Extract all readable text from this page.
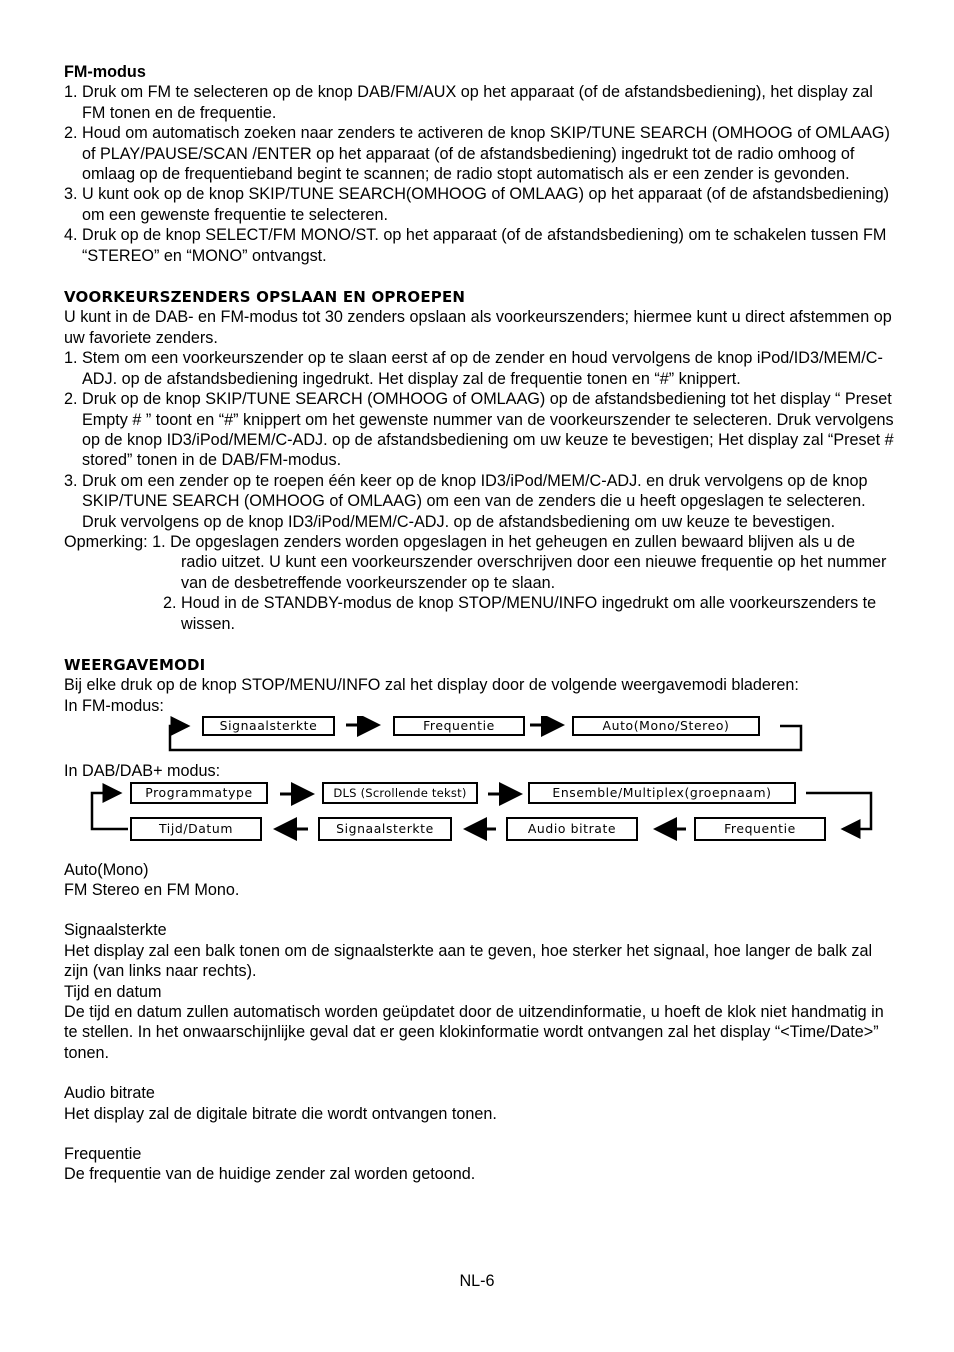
FM-modus

1. Druk om FM te selecteren op de knop DAB/FM/AUX op het apparaat (of de afstandsbediening), het display zal FM tonen en de frequentie.

2. Houd om automatisch zoeken naar zenders te activeren de knop SKIP/TUNE SEARCH (OMHOOG of OMLAAG) of PLAY/PAUSE/SCAN /ENTER op het apparaat (of de afstandsbediening) ingedrukt tot de radio omhoog of omlaag op de frequentieband begint te scannen; de radio stopt automatisch als er een zender is gevonden.

3. U kunt ook op de knop SKIP/TUNE SEARCH(OMHOOG of OMLAAG) op het apparaat (of de afstandsbediening) om een gewenste frequentie te selecteren.

4. Druk op de knop SELECT/FM MONO/ST. op het apparaat (of de afstandsbediening) om te schakelen tussen FM “STEREO” en “MONO” ontvangst.

VOORKEURSZENDERS OPSLAAN EN OPROEPEN

U kunt in de DAB- en FM-modus tot 30 zenders opslaan als voorkeurszenders; hiermee kunt u direct afstemmen op uw favoriete zenders.

1. Stem om een voorkeurszender op te slaan eerst af op de zender en houd vervolgens de knop iPod/ID3/MEM/C-ADJ. op de afstandsbediening ingedrukt. Het display zal de frequentie tonen en “#” knippert.

2. Druk op de knop SKIP/TUNE SEARCH (OMHOOG of OMLAAG) op de afstandsbediening tot het display “ Preset Empty # ” toont en “#” knippert om het gewenste nummer van de voorkeurszender te selecteren. Druk vervolgens op de knop ID3/iPod/MEM/C-ADJ. op de afstandsbediening om uw keuze te bevestigen; Het display zal “Preset # stored” tonen in de DAB/FM-modus.

3. Druk om een zender op te roepen één keer op de knop ID3/iPod/MEM/C-ADJ. en druk vervolgens op de knop SKIP/TUNE SEARCH (OMHOOG of OMLAAG) om een van de zenders die u heeft opgeslagen te selecteren. Druk vervolgens op de knop ID3/iPod/MEM/C-ADJ. op de afstandsbediening om uw keuze te bevestigen.

Opmerking: 1. De opgeslagen zenders worden opgeslagen in het geheugen en zullen bewaard blijven als u de radio uitzet. U kunt een voorkeurszender overschrijven door een nieuwe frequentie op het nummer van de desbetreffende voorkeurszender op te slaan.

2. Houd in de STANDBY-modus de knop STOP/MENU/INFO ingedrukt om alle voorkeurszenders te wissen.

WEERGAVEMODI

Bij elke druk op de knop STOP/MENU/INFO zal het display door de volgende weergavemodi bladeren:

In FM-modus:

Signaalsterkte	Frequentie	Auto(Mono/Stereo)

In DAB/DAB+ modus:

Programmatype	DLS (Scrollende tekst)	Ensemble/Multiplex(groepnaam)
Tijd/Datum	Signaalsterkte	Audio bitrate	Frequentie

Auto(Mono)

FM Stereo en FM Mono.

Signaalsterkte

Het display zal een balk tonen om de signaalsterkte aan te geven, hoe sterker het signaal, hoe langer de balk zal zijn (van links naar rechts).

Tijd en datum

De tijd en datum zullen automatisch worden geüpdatet door de uitzendinformatie, u hoeft de klok niet handmatig in te stellen. In het onwaarschijnlijke geval dat er geen klokinformatie wordt ontvangen zal het display “<Time/Date>” tonen.

Audio bitrate

Het display zal de digitale bitrate die wordt ontvangen tonen.

Frequentie

De frequentie van de huidige zender zal worden getoond.

NL-6
